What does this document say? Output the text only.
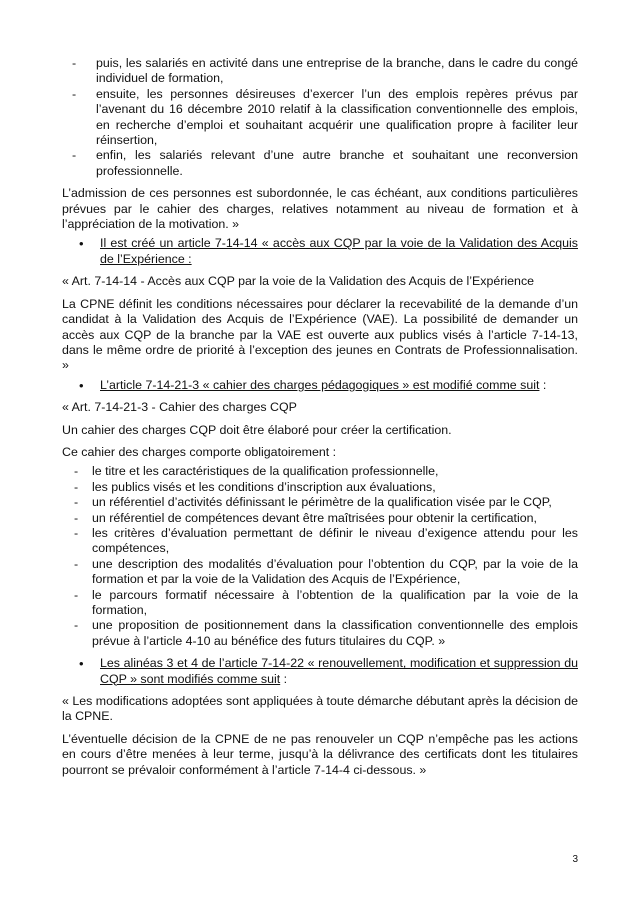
- puis, les salariés en activité dans une entreprise de la branche, dans le cadre du congé individuel de formation,
- ensuite, les personnes désireuses d’exercer l’un des emplois repères prévus par l’avenant du 16 décembre 2010 relatif à la classification conventionnelle des emplois, en recherche d’emploi et souhaitant acquérir une qualification propre à faciliter leur réinsertion,
- enfin, les salariés relevant d’une autre branche et souhaitant une reconversion professionnelle.

L’admission de ces personnes est subordonnée, le cas échéant, aux conditions particulières prévues par le cahier des charges, relatives notamment au niveau de formation et à l’appréciation de la motivation. »

• Il est créé un article 7-14-14 « accès aux CQP par la voie de la Validation des Acquis de l’Expérience :

« Art. 7-14-14 - Accès aux CQP par la voie de la Validation des Acquis de l’Expérience

La CPNE définit les conditions nécessaires pour déclarer la recevabilité de la demande d’un candidat à la Validation des Acquis de l’Expérience (VAE). La possibilité de demander un accès aux CQP de la branche par la VAE est ouverte aux publics visés à l’article 7-14-13, dans le même ordre de priorité à l’exception des jeunes en Contrats de Professionnalisation. »

• L’article 7-14-21-3 « cahier des charges pédagogiques » est modifié comme suit :

« Art. 7-14-21-3 - Cahier des charges CQP

Un cahier des charges CQP doit être élaboré pour créer la certification.

Ce cahier des charges comporte obligatoirement :

- le titre et les caractéristiques de la qualification professionnelle,
- les publics visés et les conditions d’inscription aux évaluations,
- un référentiel d’activités définissant le périmètre de la qualification visée par le CQP,
- un référentiel de compétences devant être maîtrisées pour obtenir la certification,
- les critères d’évaluation permettant de définir le niveau d’exigence attendu pour les compétences,
- une description des modalités d’évaluation pour l’obtention du CQP, par la voie de la formation et par la voie de la Validation des Acquis de l’Expérience,
- le parcours formatif nécessaire à l’obtention de la qualification par la voie de la formation,
- une proposition de positionnement dans la classification conventionnelle des emplois prévue à l’article 4-10 au bénéfice des futurs titulaires du CQP. »
• Les alinéas 3 et 4 de l’article 7-14-22 « renouvellement, modification et suppression du CQP » sont modifiés comme suit :

« Les modifications adoptées sont appliquées à toute démarche débutant après la décision de la CPNE.

L’éventuelle décision de la CPNE de ne pas renouveler un CQP n’empêche pas les actions en cours d’être menées à leur terme, jusqu’à la délivrance des certificats dont les titulaires pourront se prévaloir conformément à l’article 7-14-4 ci-dessous. »

3
